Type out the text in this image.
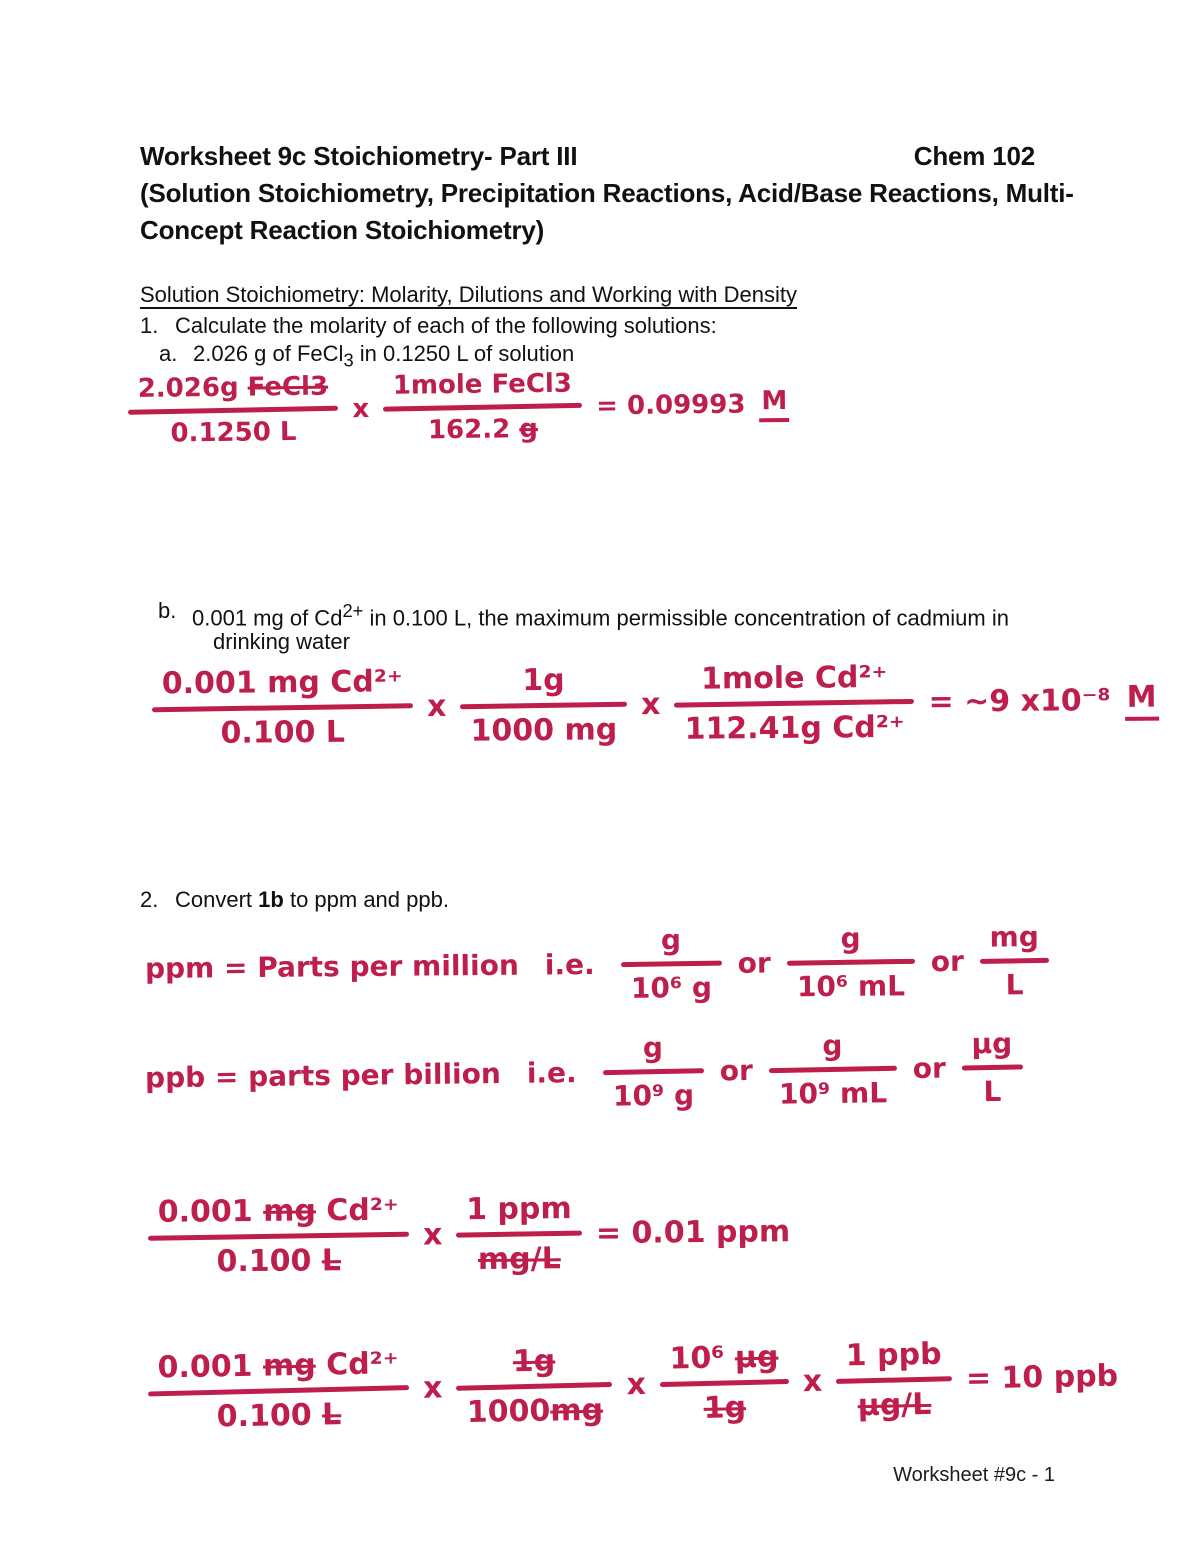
Worksheet 9c Stoichiometry- Part III	Chem 102
(Solution Stoichiometry, Precipitation Reactions, Acid/Base Reactions, Multi-
Concept Reaction Stoichiometry)
Solution Stoichiometry: Molarity, Dilutions and Working with Density
1. Calculate the molarity of each of the following solutions:
a. 2.026 g of FeCl$_3$ in 0.1250 L of solution
2.026g FeCl3
0.1250 L
x
1mole FeCl3
162.2 g
= 0.09993 M
b. 0.001 mg of $Cd^{2+}$ in 0.100 L, the maximum permissible concentration of cadmium in
drinking water
0.001 mg Cd²⁺
0.100 L
x
1g
1000 mg
x
1mole Cd²⁺
112.41g Cd²⁺
= ~9 x10⁻⁸ M
2. Convert 1b to ppm and ppb.
ppm = Parts per million i.e.
g
10⁶ g
or
g
10⁶ mL
or
mg
L
ppb = parts per billion i.e.
g
10⁹ g
or
g
10⁹ mL
or
µg
L
0.001 mg Cd²⁺
0.100 L
x
1 ppm
mg/L
= 0.01 ppm
0.001 mg Cd²⁺
0.100 L
x
1g
1000mg
x
10⁶ µg
1g
x
1 ppb
µg/L
= 10 ppb
Worksheet #9c - 1
